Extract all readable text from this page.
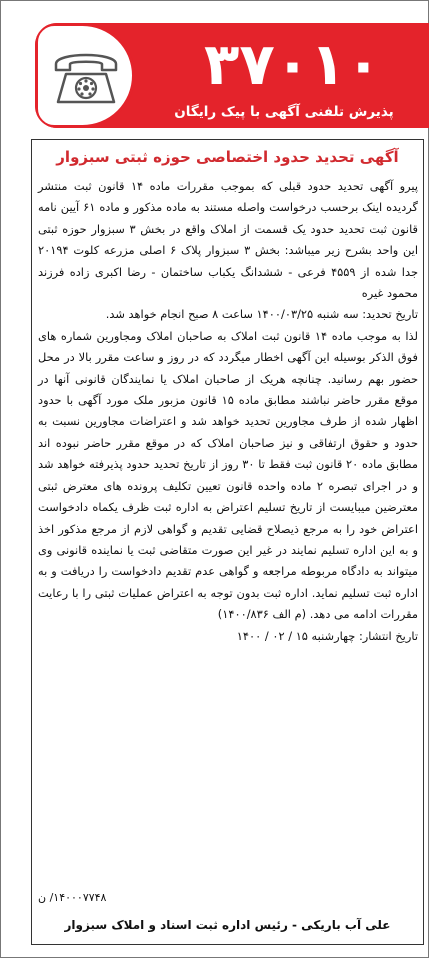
۳۷۰۱۰
پذیرش تلفنی آگهی با پیک رایگان
آگهی تحدید حدود اختصاصی حوزه ثبتی سبزوار

پیرو آگهی تحدید حدود قبلی که بموجب مقررات ماده ۱۴ قانون ثبت منتشر گردیده اینک برحسب درخواست واصله مستند به ماده مذکور و ماده ۶۱ آیین نامه قانون ثبت تحدید حدود یک قسمت از املاک واقع در بخش ۳ سبزوار حوزه ثبتی این واحد بشرح زیر میباشد: بخش ۳ سبزوار پلاک ۶ اصلی مزرعه کلوت ۲۰۱۹۴ جدا شده از ۴۵۵۹ فرعی - ششدانگ یکباب ساختمان - رضا اکبری زاده فرزند محمود غیره

تاریخ تحدید: سه شنبه ۱۴۰۰/۰۳/۲۵ ساعت ۸ صبح انجام خواهد شد.

لذا به موجب ماده ۱۴ قانون ثبت املاک به صاحبان املاک ومجاورین شماره های فوق الذکر بوسیله این آگهی اخطار میگردد که در روز و ساعت مقرر بالا در محل حضور بهم رسانید. چنانچه هریک از صاحبان املاک یا نمایندگان قانونی آنها در موقع مقرر حاضر نباشند مطابق ماده ۱۵ قانون مزبور ملک مورد آگهی با حدود اظهار شده از طرف مجاورین تحدید خواهد شد و اعتراضات مجاورین نسبت به حدود و حقوق ارتفاقی و نیز صاحبان املاک که در موقع مقرر حاضر نبوده اند مطابق ماده ۲۰ قانون ثبت فقط تا ۳۰ روز از تاریخ تحدید حدود پذیرفته خواهد شد و در اجرای تبصره ۲ ماده واحده قانون تعیین تکلیف پرونده های معترض ثبتی معترضین میبایست از تاریخ تسلیم اعتراض به اداره ثبت ظرف یکماه دادخواست اعتراض خود را به مرجع ذیصلاح قضایی تقدیم و گواهی لازم از مرجع مذکور اخذ و به این اداره تسلیم نمایند در غیر این صورت متقاضی ثبت یا نماینده قانونی وی میتواند به دادگاه مربوطه مراجعه و گواهی عدم تقدیم دادخواست را دریافت و به اداره ثبت تسلیم نماید. اداره ثبت بدون توجه به اعتراض عملیات ثبتی را با رعایت مقررات ادامه می دهد. (م الف ۱۴۰۰/۸۳۶)

تاریخ انتشار: چهارشنبه ۱۵ / ۰۲ / ۱۴۰۰

۱۴۰۰۰۷۷۴۸/ ن
علی آب باریکی - رئیس اداره ثبت اسناد و املاک سبزوار
